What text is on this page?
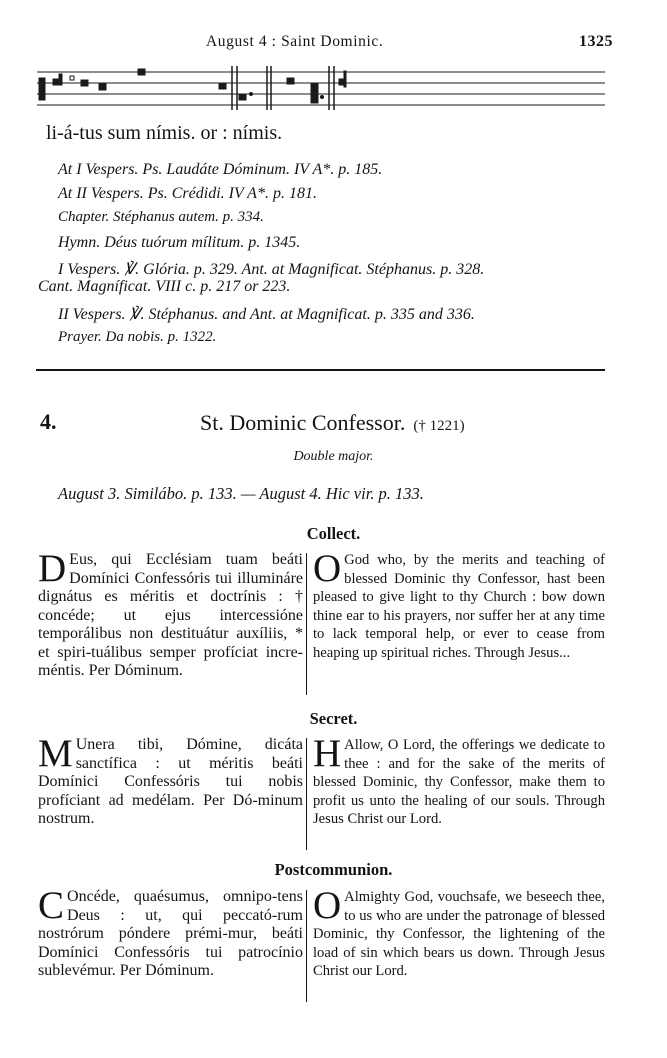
August 4 : Saint Dominic.	1325
li-á-tus sum nímis. or : nímis.
At I Vespers. Ps. Laudáte Dóminum. IV A*. p. 185.
At II Vespers. Ps. Crédidi. IV A*. p. 181.
Chapter. Stéphanus autem. p. 334.
Hymn. Déus tuórum mílitum. p. 1345.
I Vespers. ℣. Glória. p. 329. Ant. at Magnificat. Stéphanus. p. 328.
Cant. Magníficat. VIII c. p. 217 or 223.
II Vespers. ℣. Stéphanus. and Ant. at Magnificat. p. 335 and 336.
Prayer. Da nobis. p. 1322.
4.	St. Dominic Confessor. († 1221)
Double major.
August 3. Similábo. p. 133. — August 4. Hic vir. p. 133.
Collect.
D Eus, qui Ecclésiam tuam beáti Domínici Confessóris tui illumináre dignátus es méritis et doctrínis : † concéde; ut ejus intercessióne temporálibus non destituátur auxíliis, * et spiri-tuálibus semper profíciat incre-méntis. Per Dóminum.
O God who, by the merits and teaching of blessed Dominic thy Confessor, hast been pleased to give light to thy Church : bow down thine ear to his prayers, nor suffer her at any time to lack temporal help, or ever to cease from heaping up spiritual riches. Through Jesus...
Secret.
M Unera tibi, Dómine, dicáta sanctífica : ut méritis beáti Domínici Confessóris tui nobis profíciant ad medélam. Per Dó-minum nostrum.
H Allow, O Lord, the offerings we dedicate to thee : and for the sake of the merits of blessed Dominic, thy Confessor, make them to profit us unto the healing of our souls. Through Jesus Christ our Lord.
Postcommunion.
C Oncéde, quaésumus, omnipo-tens Deus : ut, qui peccató-rum nostrórum póndere prémi-mur, beáti Domínici Confessóris tui patrocínio sublevémur. Per Dóminum.
O Almighty God, vouchsafe, we beseech thee, to us who are under the patronage of blessed Dominic, thy Confessor, the lightening of the load of sin which bears us down. Through Jesus Christ our Lord.
